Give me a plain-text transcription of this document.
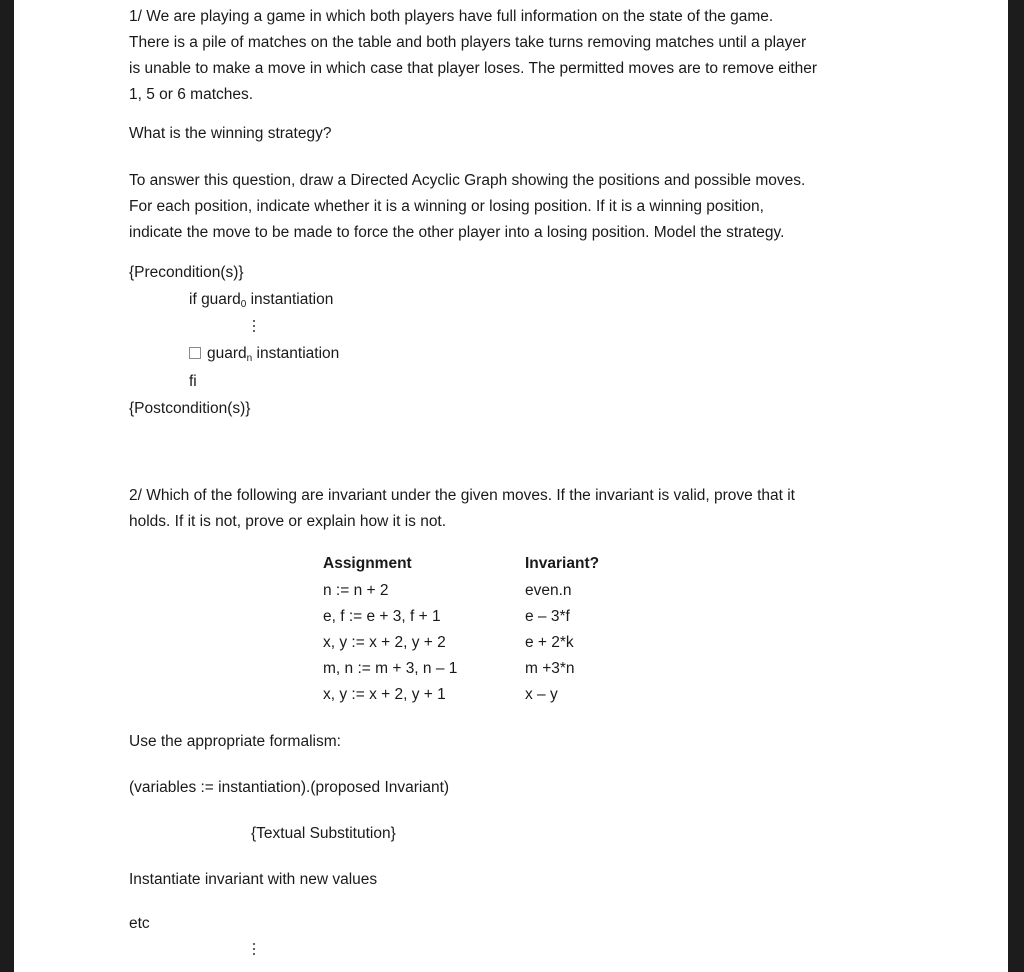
1/ We are playing a game in which both players have full information on the state of the game.
There is a pile of matches on the table and both players take turns removing matches until a player
is unable to make a move in which case that player loses. The permitted moves are to remove either
1, 5 or 6 matches.
What is the winning strategy?
To answer this question, draw a Directed Acyclic Graph showing the positions and possible moves.
For each position, indicate whether it is a winning or losing position. If it is a winning position,
indicate the move to be made to force the other player into a losing position. Model the strategy.
{Precondition(s)}
if guard$_0$ instantiation
guard$_n$ instantiation
fi
{Postcondition(s)}
2/ Which of the following are invariant under the given moves. If the invariant is valid, prove that it
holds. If it is not, prove or explain how it is not.
Assignment	Invariant?
n := n + 2	even.n
e, f := e + 3, f + 1	e – 3*f
x, y := x + 2, y + 2	e + 2*k
m, n := m + 3, n – 1	m +3*n
x, y := x + 2, y + 1	x – y
Use the appropriate formalism:
(variables := instantiation).(proposed Invariant)
{Textual Substitution}
Instantiate invariant with new values
etc
